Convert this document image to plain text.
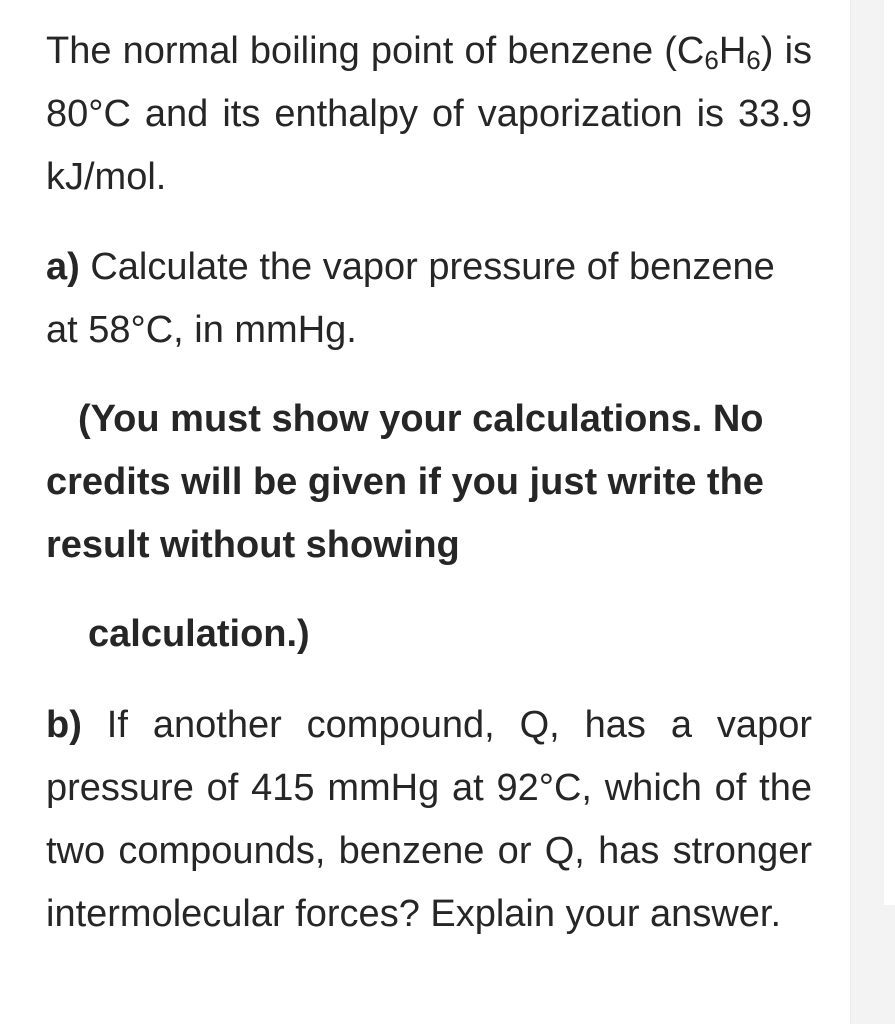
The normal boiling point of benzene $(C_6H_6)$ is 80°C and its enthalpy of vaporization is 33.9 kJ/mol.

a) Calculate the vapor pressure of benzene at 58°C, in mmHg.

(You must show your calculations. No
credits will be given if you just write the result without showing

calculation.)

b) If another compound, Q, has a vapor pressure of 415 mmHg at 92°C, which of the two compounds, benzene or Q, has stronger intermolecular forces? Explain your answer.
